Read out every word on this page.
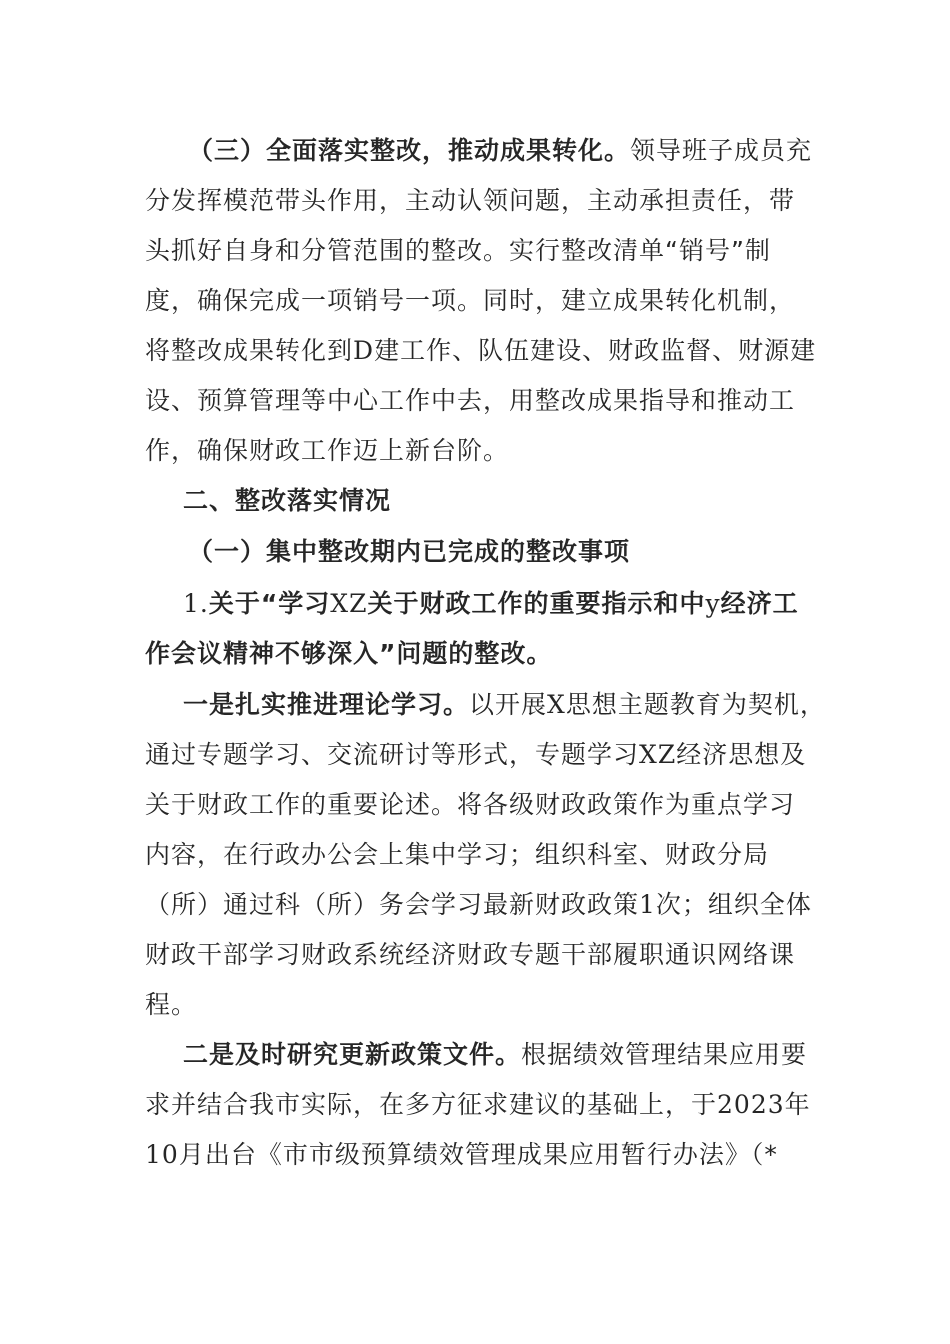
（三）全面落实整改，推动成果转化。领导班子成员充
分发挥模范带头作用，主动认领问题，主动承担责任，带
头抓好自身和分管范围的整改。实行整改清单“销号”制
度，确保完成一项销号一项。同时，建立成果转化机制，
将整改成果转化到D建工作、队伍建设、财政监督、财源建
设、预算管理等中心工作中去，用整改成果指导和推动工
作，确保财政工作迈上新台阶。
二、整改落实情况
（一）集中整改期内已完成的整改事项
1.关于“学习XZ关于财政工作的重要指示和中y经济工
作会议精神不够深入”问题的整改。
一是扎实推进理论学习。以开展X思想主题教育为契机，
通过专题学习、交流研讨等形式，专题学习XZ经济思想及
关于财政工作的重要论述。将各级财政政策作为重点学习
内容，在行政办公会上集中学习；组织科室、财政分局
（所）通过科（所）务会学习最新财政政策1次；组织全体
财政干部学习财政系统经济财政专题干部履职通识网络课
程。
二是及时研究更新政策文件。根据绩效管理结果应用要
求并结合我市实际，在多方征求建议的基础上，于2023年
10月出台《市市级预算绩效管理成果应用暂行办法》（*
